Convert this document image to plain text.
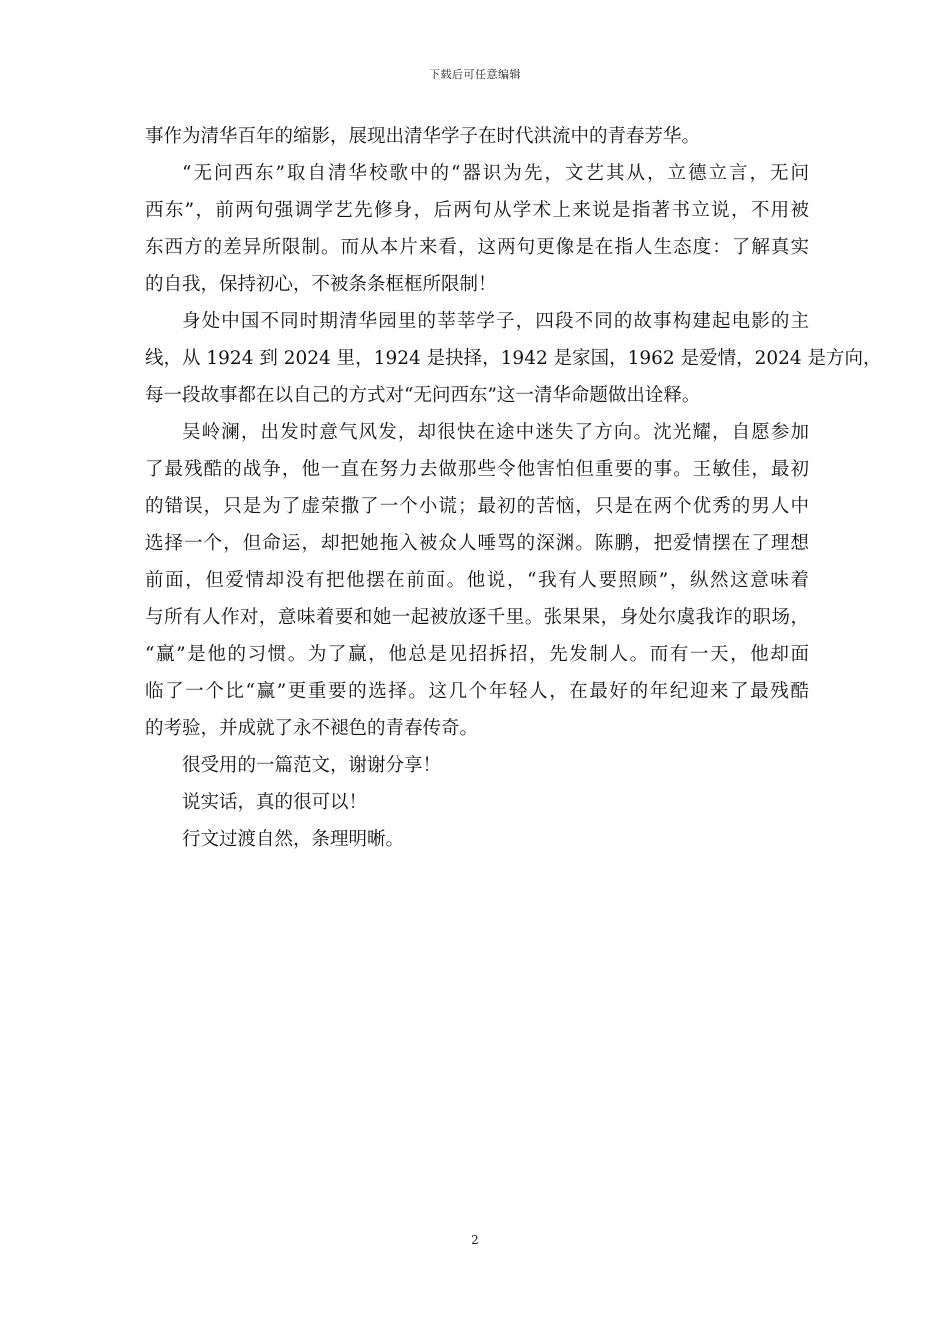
下载后可任意编辑
事作为清华百年的缩影，展现出清华学子在时代洪流中的青春芳华。
“无问西东”取自清华校歌中的“器识为先，文艺其从，立德立言，无问
西东”，前两句强调学艺先修身，后两句从学术上来说是指著书立说，不用被
东西方的差异所限制。而从本片来看，这两句更像是在指人生态度：了解真实
的自我，保持初心，不被条条框框所限制！
身处中国不同时期清华园里的莘莘学子，四段不同的故事构建起电影的主
线，从 1924 到 2024 里，1924 是抉择，1942 是家国，1962 是爱情，2024 是方向，
每一段故事都在以自己的方式对“无问西东”这一清华命题做出诠释。
吴岭澜，出发时意气风发，却很快在途中迷失了方向。沈光耀，自愿参加
了最残酷的战争，他一直在努力去做那些令他害怕但重要的事。王敏佳，最初
的错误，只是为了虚荣撒了一个小谎；最初的苦恼，只是在两个优秀的男人中
选择一个，但命运，却把她拖入被众人唾骂的深渊。陈鹏，把爱情摆在了理想
前面，但爱情却没有把他摆在前面。他说，“我有人要照顾”，纵然这意味着
与所有人作对，意味着要和她一起被放逐千里。张果果，身处尔虞我诈的职场，
“赢”是他的习惯。为了赢，他总是见招拆招，先发制人。而有一天，他却面
临了一个比“赢”更重要的选择。这几个年轻人，在最好的年纪迎来了最残酷
的考验，并成就了永不褪色的青春传奇。
很受用的一篇范文，谢谢分享！
说实话，真的很可以！
行文过渡自然，条理明晰。
2
